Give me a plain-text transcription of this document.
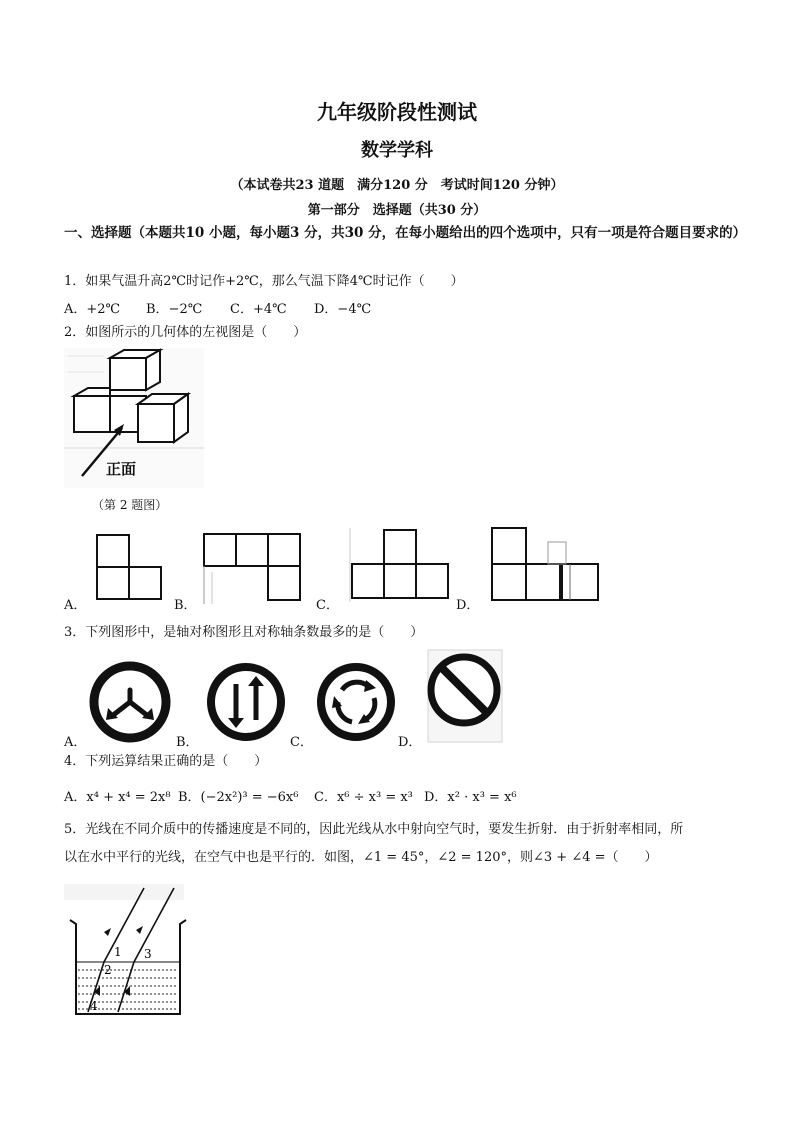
九年级阶段性测试
数学学科
（本试卷共23 道题　满分120 分　考试时间120 分钟）
第一部分　选择题（共30 分）
一、选择题（本题共10 小题，每小题3 分，共30 分，在每小题给出的四个选项中，只有一项是符合题目要求的）
1．如果气温升高2℃时记作+2℃，那么气温下降4℃时记作（　　）
A．+2℃ B．−2℃ C．+4℃ D．−4℃
2．如图所示的几何体的左视图是（　　）
正面
（第 2 题图）
A．	B．	C．	D．
3．下列图形中，是轴对称图形且对称轴条数最多的是（　　）
A．	B．	C．	D．
4．下列运算结果正确的是（　　）
A．x⁴ + x⁴ = 2x⁸ B．(−2x²)³ = −6x⁶ C．x⁶ ÷ x³ = x³ D．x² · x³ = x⁶
5．光线在不同介质中的传播速度是不同的，因此光线从水中射向空气时，要发生折射．由于折射率相同，所
以在水中平行的光线，在空气中也是平行的．如图，∠1 = 45°，∠2 = 120°，则∠3 + ∠4 =（　　）
1
2
3
4
